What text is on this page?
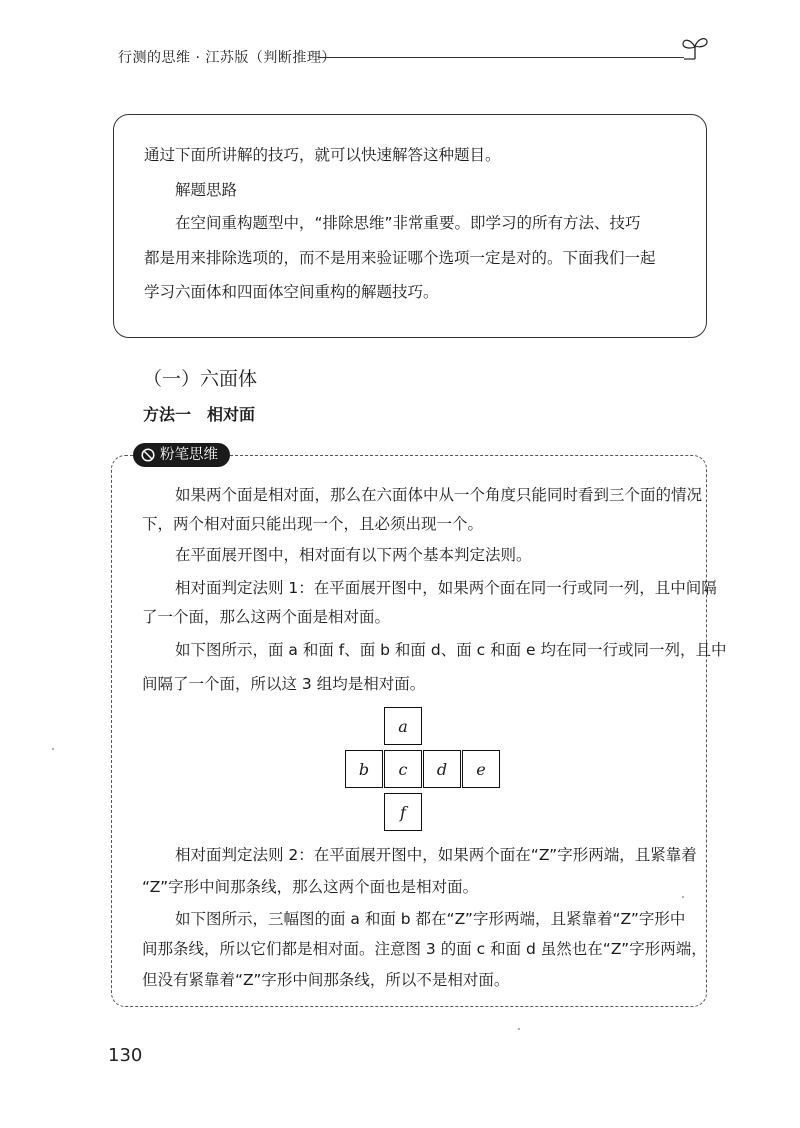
行测的思维 · 江苏版（判断推理）
通过下面所讲解的技巧，就可以快速解答这种题目。
解题思路
在空间重构题型中，“排除思维”非常重要。即学习的所有方法、技巧
都是用来排除选项的，而不是用来验证哪个选项一定是对的。下面我们一起
学习六面体和四面体空间重构的解题技巧。
（一）六面体
方法一　相对面
粉笔思维
如果两个面是相对面，那么在六面体中从一个角度只能同时看到三个面的情况
下，两个相对面只能出现一个，且必须出现一个。
在平面展开图中，相对面有以下两个基本判定法则。
相对面判定法则 1：在平面展开图中，如果两个面在同一行或同一列，且中间隔
了一个面，那么这两个面是相对面。
如下图所示，面 a 和面 f、面 b 和面 d、面 c 和面 e 均在同一行或同一列，且中
间隔了一个面，所以这 3 组均是相对面。
a
b	c	d	e
f
相对面判定法则 2：在平面展开图中，如果两个面在“Z”字形两端，且紧靠着
“Z”字形中间那条线，那么这两个面也是相对面。
如下图所示，三幅图的面 a 和面 b 都在“Z”字形两端，且紧靠着“Z”字形中
间那条线，所以它们都是相对面。注意图 3 的面 c 和面 d 虽然也在“Z”字形两端，
但没有紧靠着“Z”字形中间那条线，所以不是相对面。
130
